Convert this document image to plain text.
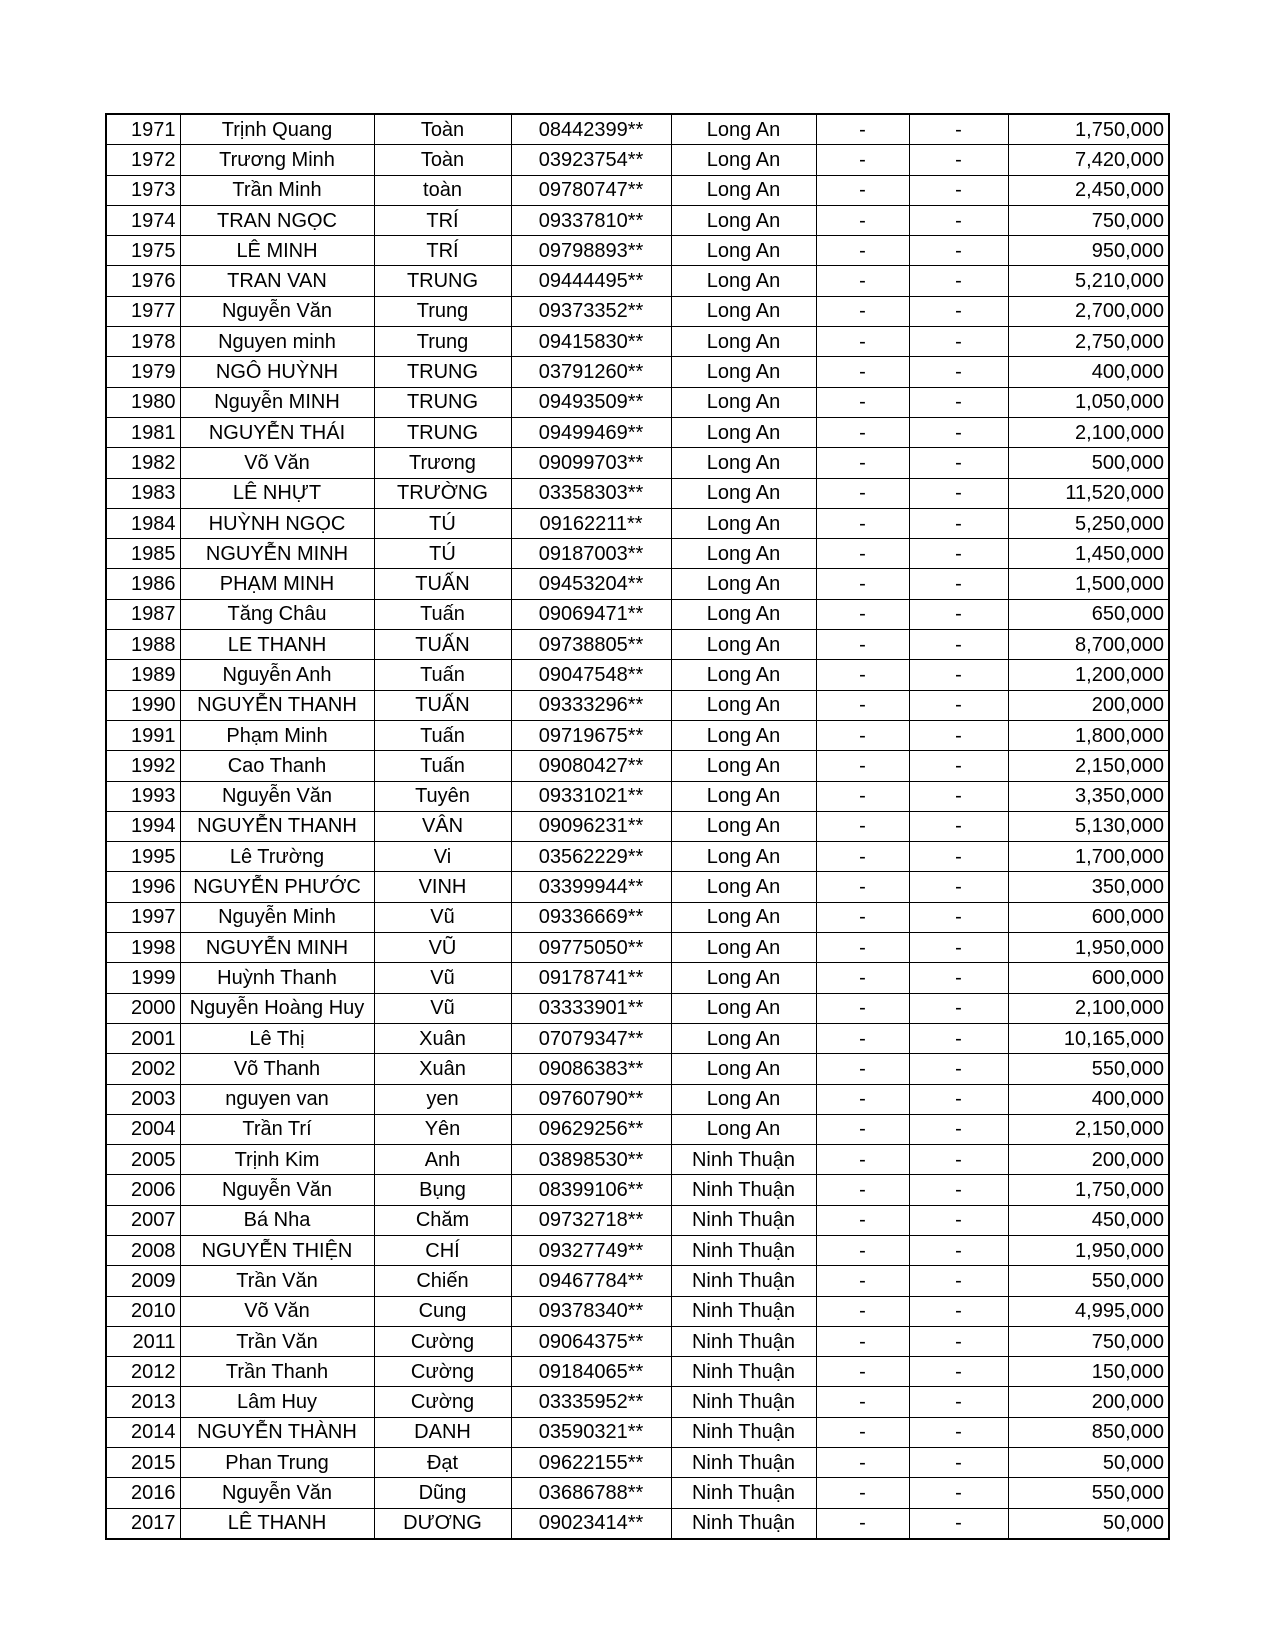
1971	Trịnh Quang	Toàn	08442399**	Long An	-	-	1,750,000
1972	Trương Minh	Toàn	03923754**	Long An	-	-	7,420,000
1973	Trần Minh	toàn	09780747**	Long An	-	-	2,450,000
1974	TRAN NGỌC	TRÍ	09337810**	Long An	-	-	750,000
1975	LÊ MINH	TRÍ	09798893**	Long An	-	-	950,000
1976	TRAN VAN	TRUNG	09444495**	Long An	-	-	5,210,000
1977	Nguyễn Văn	Trung	09373352**	Long An	-	-	2,700,000
1978	Nguyen minh	Trung	09415830**	Long An	-	-	2,750,000
1979	NGÔ HUỲNH	TRUNG	03791260**	Long An	-	-	400,000
1980	Nguyễn MINH	TRUNG	09493509**	Long An	-	-	1,050,000
1981	NGUYỄN THÁI	TRUNG	09499469**	Long An	-	-	2,100,000
1982	Võ Văn	Trương	09099703**	Long An	-	-	500,000
1983	LÊ NHỰT	TRƯỜNG	03358303**	Long An	-	-	11,520,000
1984	HUỲNH NGỌC	TÚ	09162211**	Long An	-	-	5,250,000
1985	NGUYỄN MINH	TÚ	09187003**	Long An	-	-	1,450,000
1986	PHẠM MINH	TUẤN	09453204**	Long An	-	-	1,500,000
1987	Tăng Châu	Tuấn	09069471**	Long An	-	-	650,000
1988	LE THANH	TUẤN	09738805**	Long An	-	-	8,700,000
1989	Nguyễn Anh	Tuấn	09047548**	Long An	-	-	1,200,000
1990	NGUYỄN THANH	TUẤN	09333296**	Long An	-	-	200,000
1991	Phạm Minh	Tuấn	09719675**	Long An	-	-	1,800,000
1992	Cao Thanh	Tuấn	09080427**	Long An	-	-	2,150,000
1993	Nguyễn Văn	Tuyên	09331021**	Long An	-	-	3,350,000
1994	NGUYỄN THANH	VÂN	09096231**	Long An	-	-	5,130,000
1995	Lê Trường	Vi	03562229**	Long An	-	-	1,700,000
1996	NGUYỄN PHƯỚC	VINH	03399944**	Long An	-	-	350,000
1997	Nguyễn Minh	Vũ	09336669**	Long An	-	-	600,000
1998	NGUYỄN MINH	VŨ	09775050**	Long An	-	-	1,950,000
1999	Huỳnh Thanh	Vũ	09178741**	Long An	-	-	600,000
2000	Nguyễn Hoàng Huy	Vũ	03333901**	Long An	-	-	2,100,000
2001	Lê Thị	Xuân	07079347**	Long An	-	-	10,165,000
2002	Võ Thanh	Xuân	09086383**	Long An	-	-	550,000
2003	nguyen van	yen	09760790**	Long An	-	-	400,000
2004	Trần Trí	Yên	09629256**	Long An	-	-	2,150,000
2005	Trịnh Kim	Anh	03898530**	Ninh Thuận	-	-	200,000
2006	Nguyễn Văn	Bụng	08399106**	Ninh Thuận	-	-	1,750,000
2007	Bá Nha	Chăm	09732718**	Ninh Thuận	-	-	450,000
2008	NGUYỄN THIỆN	CHÍ	09327749**	Ninh Thuận	-	-	1,950,000
2009	Trần Văn	Chiến	09467784**	Ninh Thuận	-	-	550,000
2010	Võ Văn	Cung	09378340**	Ninh Thuận	-	-	4,995,000
2011	Trần Văn	Cường	09064375**	Ninh Thuận	-	-	750,000
2012	Trần Thanh	Cường	09184065**	Ninh Thuận	-	-	150,000
2013	Lâm Huy	Cường	03335952**	Ninh Thuận	-	-	200,000
2014	NGUYỄN THÀNH	DANH	03590321**	Ninh Thuận	-	-	850,000
2015	Phan Trung	Đạt	09622155**	Ninh Thuận	-	-	50,000
2016	Nguyễn Văn	Dũng	03686788**	Ninh Thuận	-	-	550,000
2017	LÊ THANH	DƯƠNG	09023414**	Ninh Thuận	-	-	50,000
